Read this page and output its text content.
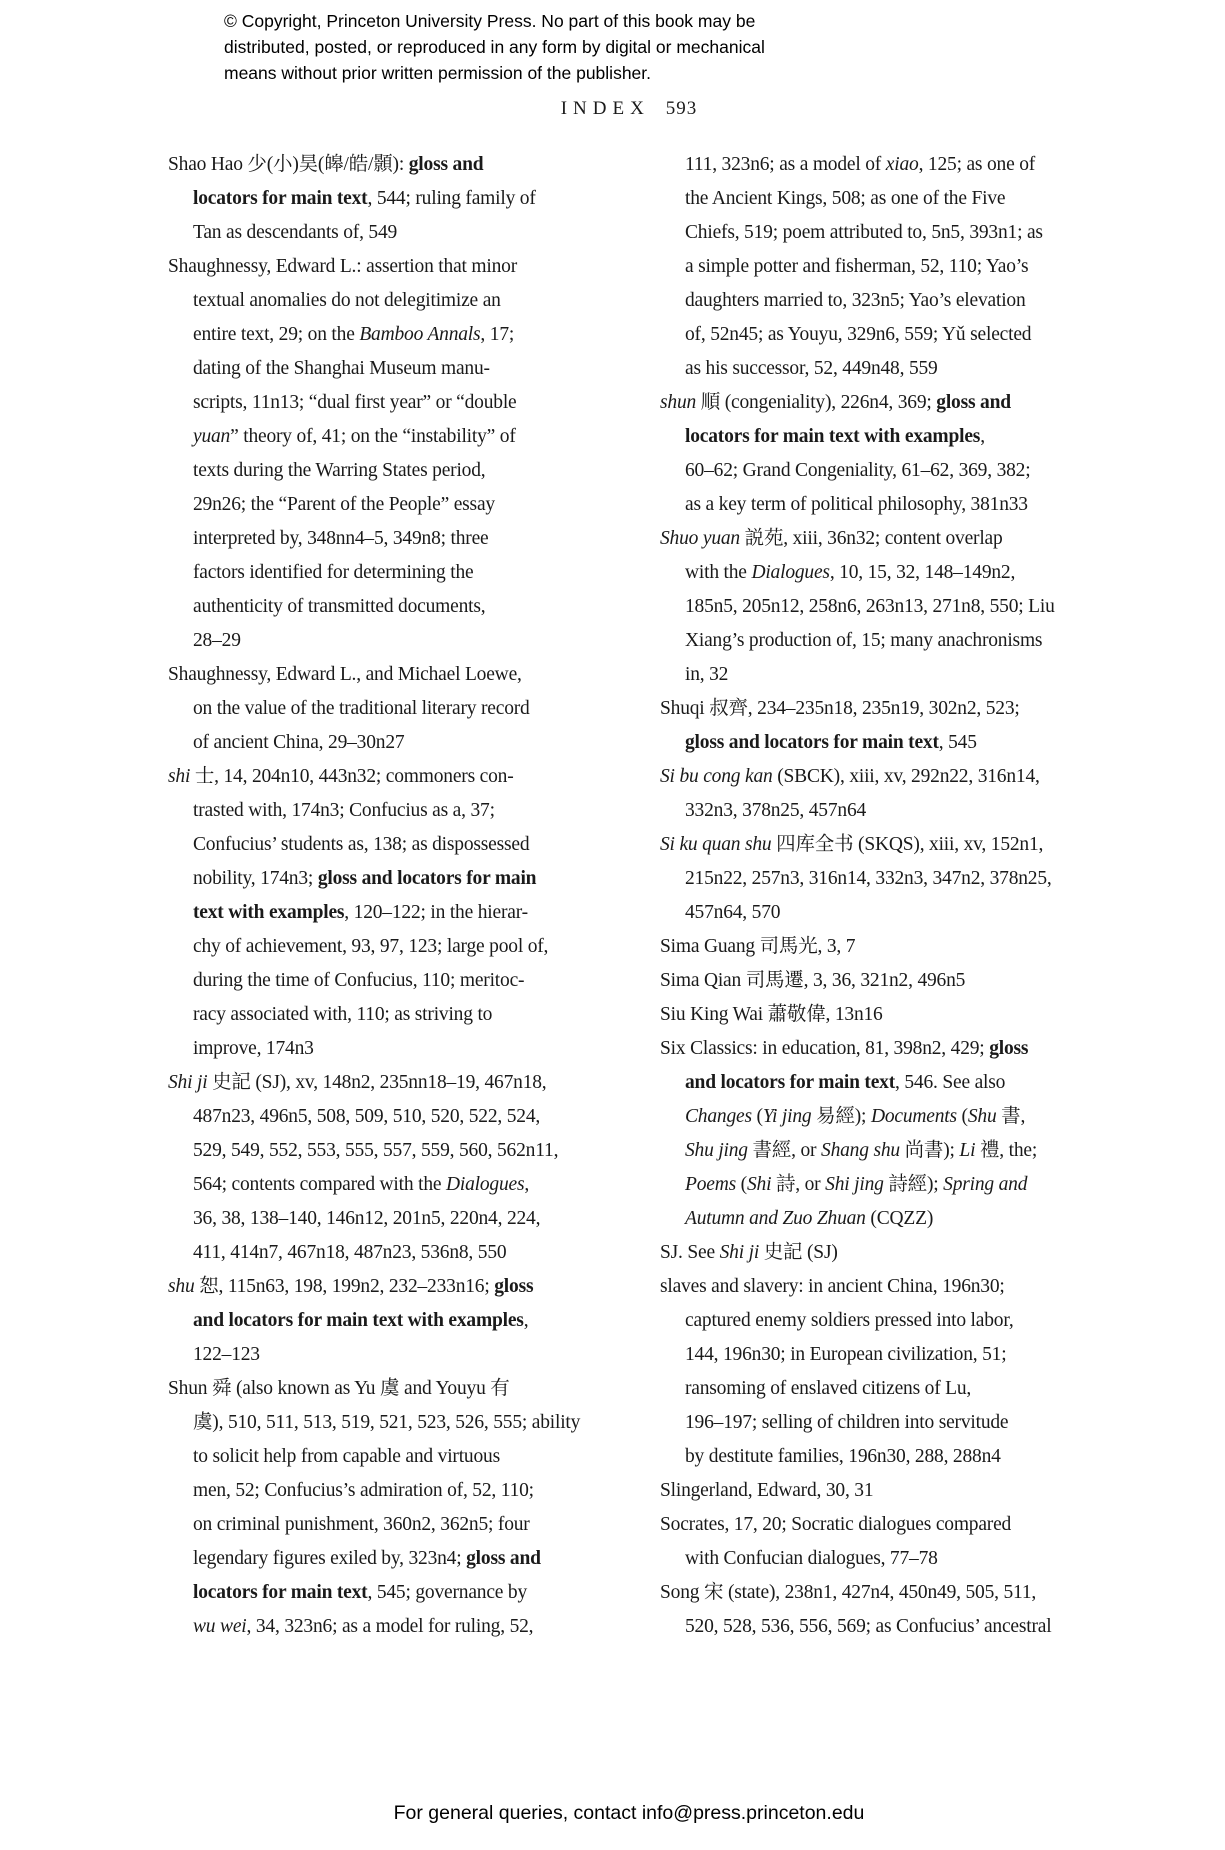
© Copyright, Princeton University Press. No part of this book may be
distributed, posted, or reproduced in any form by digital or mechanical
means without prior written permission of the publisher.
INDEX 593
Shao Hao 少(小)昊(皞/皓/顥): gloss and
locators for main text, 544; ruling family of
Tan as descendants of, 549
Shaughnessy, Edward L.: assertion that minor
textual anomalies do not delegitimize an
entire text, 29; on the Bamboo Annals, 17;
dating of the Shanghai Museum manu-
scripts, 11n13; “dual first year” or “double
yuan” theory of, 41; on the “instability” of
texts during the Warring States period,
29n26; the “Parent of the People” essay
interpreted by, 348nn4–5, 349n8; three
factors identified for determining the
authenticity of transmitted documents,
28–29
Shaughnessy, Edward L., and Michael Loewe,
on the value of the traditional literary record
of ancient China, 29–30n27
shi 士, 14, 204n10, 443n32; commoners con-
trasted with, 174n3; Confucius as a, 37;
Confucius’ students as, 138; as dispossessed
nobility, 174n3; gloss and locators for main
text with examples, 120–122; in the hierar-
chy of achievement, 93, 97, 123; large pool of,
during the time of Confucius, 110; meritoc-
racy associated with, 110; as striving to
improve, 174n3
Shi ji 史記 (SJ), xv, 148n2, 235nn18–19, 467n18,
487n23, 496n5, 508, 509, 510, 520, 522, 524,
529, 549, 552, 553, 555, 557, 559, 560, 562n11,
564; contents compared with the Dialogues,
36, 38, 138–140, 146n12, 201n5, 220n4, 224,
411, 414n7, 467n18, 487n23, 536n8, 550
shu 恕, 115n63, 198, 199n2, 232–233n16; gloss
and locators for main text with examples,
122–123
Shun 舜 (also known as Yu 虞 and Youyu 有
虞), 510, 511, 513, 519, 521, 523, 526, 555; ability
to solicit help from capable and virtuous
men, 52; Confucius’s admiration of, 52, 110;
on criminal punishment, 360n2, 362n5; four
legendary figures exiled by, 323n4; gloss and
locators for main text, 545; governance by
wu wei, 34, 323n6; as a model for ruling, 52,
111, 323n6; as a model of xiao, 125; as one of
the Ancient Kings, 508; as one of the Five
Chiefs, 519; poem attributed to, 5n5, 393n1; as
a simple potter and fisherman, 52, 110; Yao’s
daughters married to, 323n5; Yao’s elevation
of, 52n45; as Youyu, 329n6, 559; Yǔ selected
as his successor, 52, 449n48, 559
shun 順 (congeniality), 226n4, 369; gloss and
locators for main text with examples,
60–62; Grand Congeniality, 61–62, 369, 382;
as a key term of political philosophy, 381n33
Shuo yuan 説苑, xiii, 36n32; content overlap
with the Dialogues, 10, 15, 32, 148–149n2,
185n5, 205n12, 258n6, 263n13, 271n8, 550; Liu
Xiang’s production of, 15; many anachronisms
in, 32
Shuqi 叔齊, 234–235n18, 235n19, 302n2, 523;
gloss and locators for main text, 545
Si bu cong kan (SBCK), xiii, xv, 292n22, 316n14,
332n3, 378n25, 457n64
Si ku quan shu 四库全书 (SKQS), xiii, xv, 152n1,
215n22, 257n3, 316n14, 332n3, 347n2, 378n25,
457n64, 570
Sima Guang 司馬光, 3, 7
Sima Qian 司馬遷, 3, 36, 321n2, 496n5
Siu King Wai 蕭敬偉, 13n16
Six Classics: in education, 81, 398n2, 429; gloss
and locators for main text, 546. See also
Changes (Yi jing 易經); Documents (Shu 書,
Shu jing 書經, or Shang shu 尚書); Li 禮, the;
Poems (Shi 詩, or Shi jing 詩經); Spring and
Autumn and Zuo Zhuan (CQZZ)
SJ. See Shi ji 史記 (SJ)
slaves and slavery: in ancient China, 196n30;
captured enemy soldiers pressed into labor,
144, 196n30; in European civilization, 51;
ransoming of enslaved citizens of Lu,
196–197; selling of children into servitude
by destitute families, 196n30, 288, 288n4
Slingerland, Edward, 30, 31
Socrates, 17, 20; Socratic dialogues compared
with Confucian dialogues, 77–78
Song 宋 (state), 238n1, 427n4, 450n49, 505, 511,
520, 528, 536, 556, 569; as Confucius’ ancestral
For general queries, contact info@press.princeton.edu
